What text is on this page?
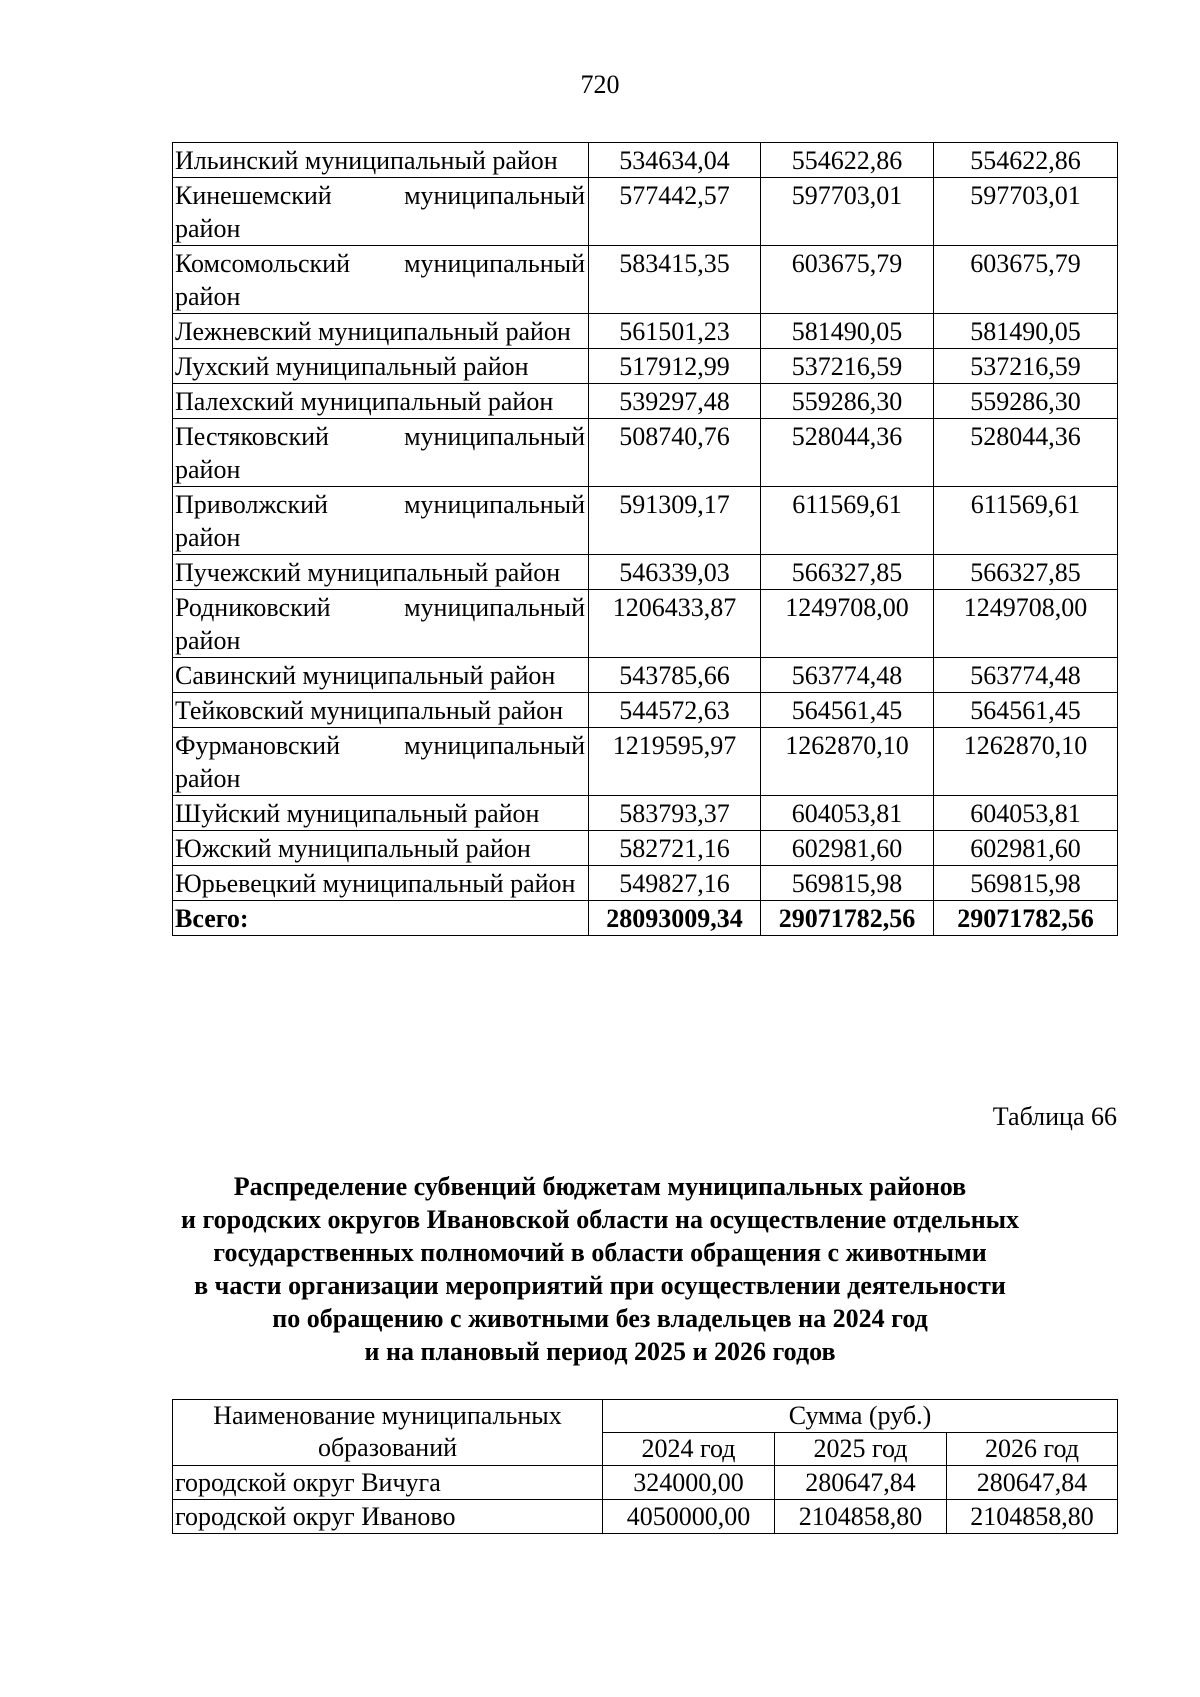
720
Ильинский муниципальный район	534634,04	554622,86	554622,86
Кинешемский муниципальный район	577442,57	597703,01	597703,01
Комсомольский муниципальный район	583415,35	603675,79	603675,79
Лежневский муниципальный район	561501,23	581490,05	581490,05
Лухский муниципальный район	517912,99	537216,59	537216,59
Палехский муниципальный район	539297,48	559286,30	559286,30
Пестяковский муниципальный район	508740,76	528044,36	528044,36
Приволжский муниципальный район	591309,17	611569,61	611569,61
Пучежский муниципальный район	546339,03	566327,85	566327,85
Родниковский муниципальный район	1206433,87	1249708,00	1249708,00
Савинский муниципальный район	543785,66	563774,48	563774,48
Тейковский муниципальный район	544572,63	564561,45	564561,45
Фурмановский муниципальный район	1219595,97	1262870,10	1262870,10
Шуйский муниципальный район	583793,37	604053,81	604053,81
Южский муниципальный район	582721,16	602981,60	602981,60
Юрьевецкий муниципальный район	549827,16	569815,98	569815,98
Всего:	28093009,34	29071782,56	29071782,56
Таблица 66
Распределение субвенций бюджетам муниципальных районов
и городских округов Ивановской области на осуществление отдельных
государственных полномочий в области обращения с животными
в части организации мероприятий при осуществлении деятельности
по обращению с животными без владельцев на 2024 год
и на плановый период 2025 и 2026 годов
Наименование муниципальных образований	Сумма (руб.)		
	2024 год	2025 год	2026 год
городской округ Вичуга	324000,00	280647,84	280647,84
городской округ Иваново	4050000,00	2104858,80	2104858,80
